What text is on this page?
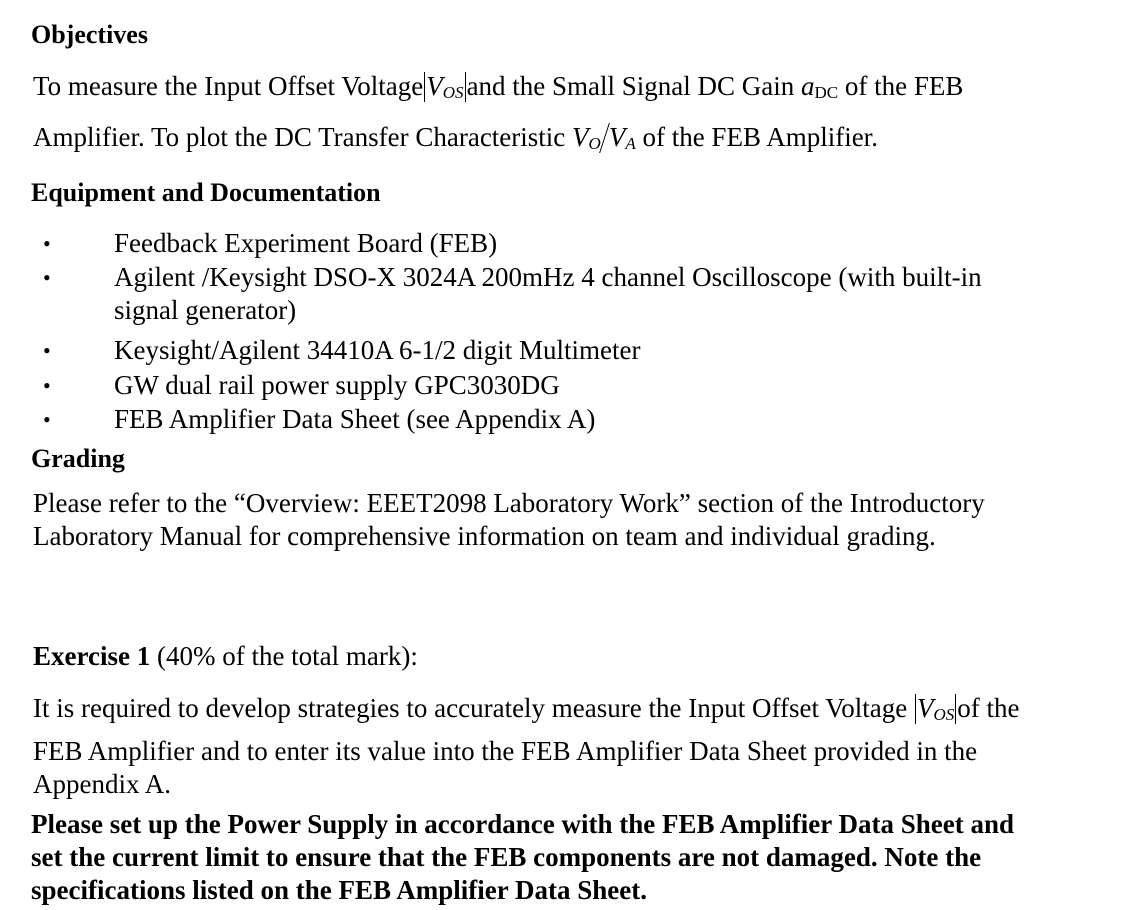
Objectives
To measure the Input Offset Voltage VOS and the Small Signal DC Gain aDC of the FEB
Amplifier. To plot the DC Transfer Characteristic VO VA of the FEB Amplifier.
Equipment and Documentation
• Feedback Experiment Board (FEB)
• Agilent /Keysight DSO-X 3024A 200mHz 4 channel Oscilloscope (with built-in
signal generator)
• Keysight/Agilent 34410A 6-1/2 digit Multimeter
• GW dual rail power supply GPC3030DG
• FEB Amplifier Data Sheet (see Appendix A)
Grading
Please refer to the “Overview: EEET2098 Laboratory Work” section of the Introductory
Laboratory Manual for comprehensive information on team and individual grading.
Exercise 1 (40% of the total mark):
It is required to develop strategies to accurately measure the Input Offset Voltage VOS of the
FEB Amplifier and to enter its value into the FEB Amplifier Data Sheet provided in the
Appendix A.
Please set up the Power Supply in accordance with the FEB Amplifier Data Sheet and
set the current limit to ensure that the FEB components are not damaged. Note the
specifications listed on the FEB Amplifier Data Sheet.
